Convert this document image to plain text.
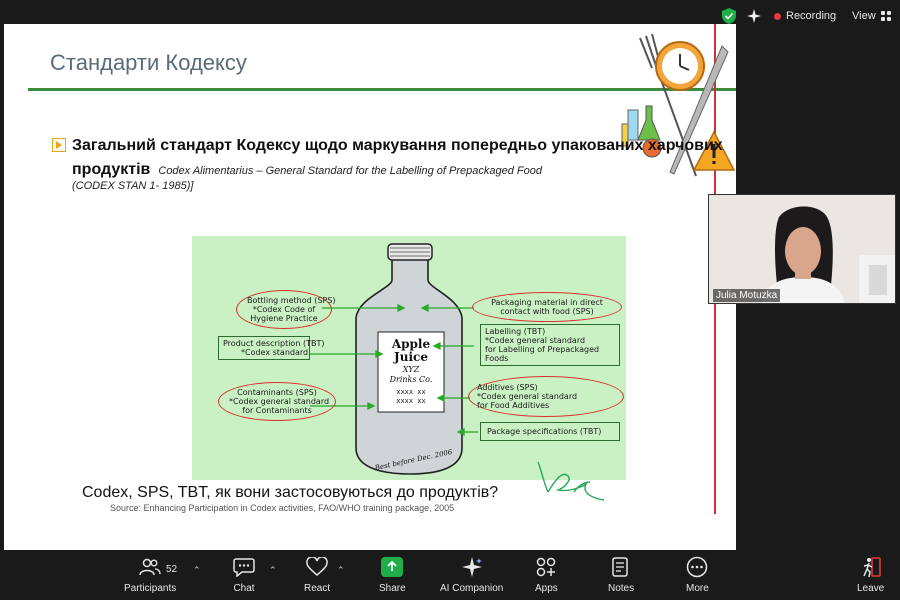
Recording View
Стандарти Кодексу
Загальний стандарт Кодексу щодо маркування попередньо упакованих харчових продуктів Codex Alimentarius – General Standard for the Labelling of Prepackaged Food
(CODEX STAN 1- 1985)]
Apple
Juice
XYZ
Drinks Co.
xxxx xx
xxxx xx
Best before Dec. 2006
Bottling method (SPS)
*Codex Code of
Hygiene Practice
Product description (TBT)
*Codex standard
Contaminants (SPS)
*Codex general standard
for Contaminants
Packaging material in direct
contact with food (SPS)
Labelling (TBT)
*Codex general standard
for Labelling of Prepackaged
Foods
Additives (SPS)
*Codex general standard
for Food Additives
Package specifications (TBT)
Codex, SPS, TBT, як вони застосовуються до продуктів?
Source: Enhancing Participation in Codex activities, FAO/WHO training package, 2005
Julia Motuzka
Participants
52 ⌃
Chat
⌃
React
⌃
Share	AI Companion	Apps	Notes	More	Leave
